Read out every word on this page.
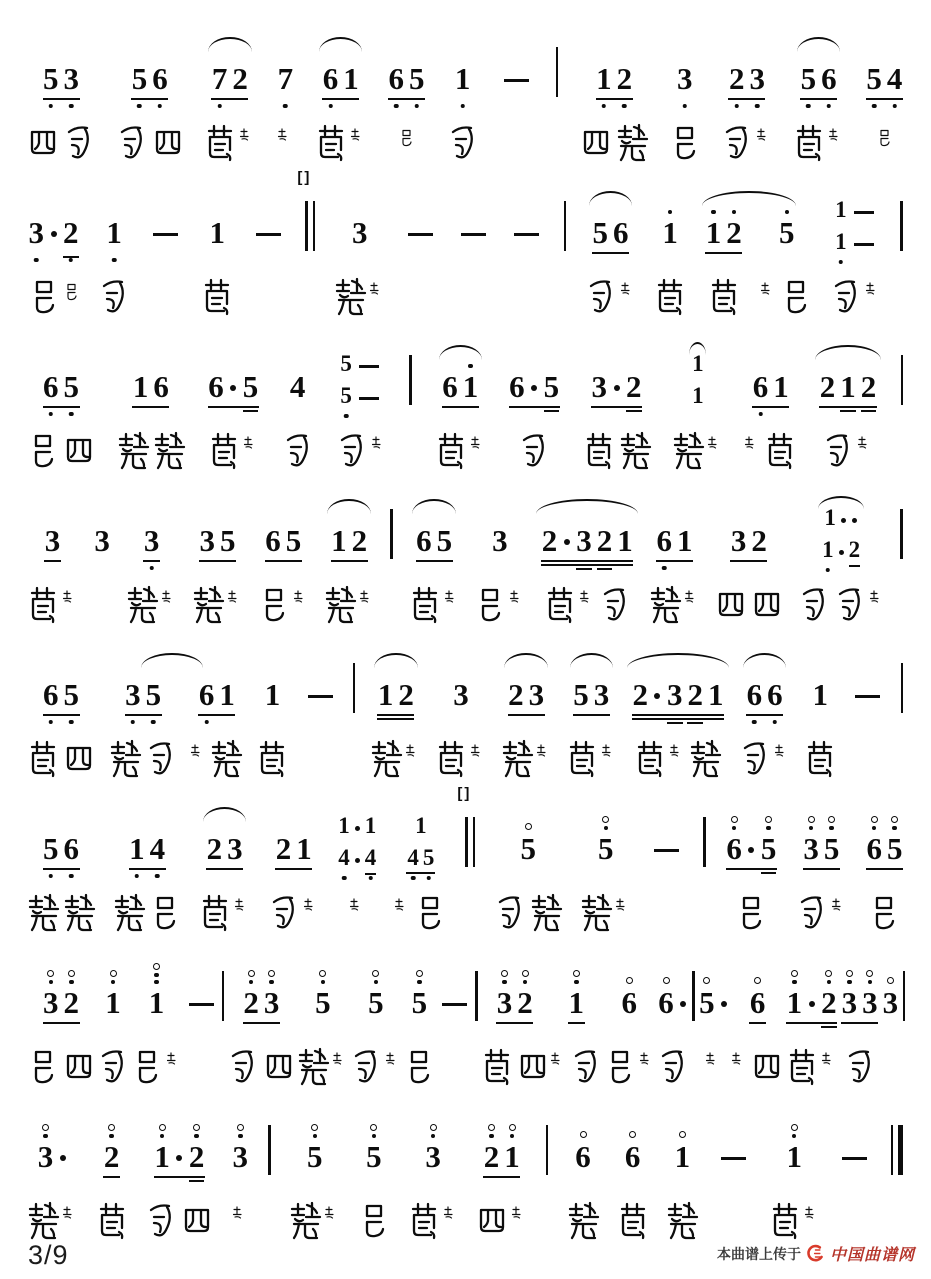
5 3 5 6 7 2 7 6 1 6 5 1	1 2 3 2 3 5 6 5 4
3 2 1	1
[ ]
3	5 6 1 1 2 5
1
1
6 5 1 6 6 5 4
5
5	6 1 6 5 3 2
1
1 6 1 2 1 2
3 3 3 3 5 6 5 1 2 6 5 3 2 3 2 1 6 1 3 2
1
1 2
6 5 3 5 6 1 1	1 2 3 2 3 5 3 2 3 2 1 6 6 1
5 6 1 4 2 3 2 1
1 1
4 4
1
4 5
[ ]
5 5	6 5 3 5 6 5
3 2 1 1	2 3 5 5 5 3 2 1 6 6 5 6 1 2 3 3 3
3 2 1 2 3 5 5 3 2 1 6 6 1	1
3/9	本曲谱上传于 中国曲谱网
